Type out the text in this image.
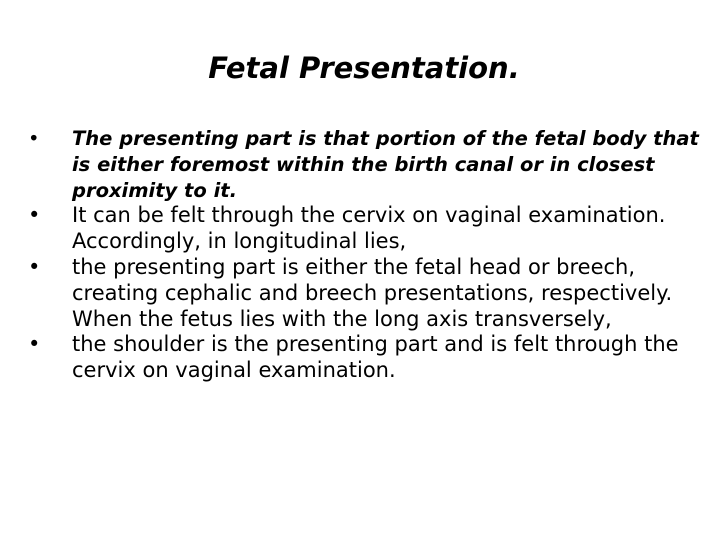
Fetal Presentation.
•	The presenting part is that portion of the fetal body that is either foremost within the birth canal or in closest proximity to it.
•	It can be felt through the cervix on vaginal examination. Accordingly, in longitudinal lies,
•	the presenting part is either the fetal head or breech, creating cephalic and breech presentations, respectively. When the fetus lies with the long axis transversely,
•	the shoulder is the presenting part and is felt through the cervix on vaginal examination.
